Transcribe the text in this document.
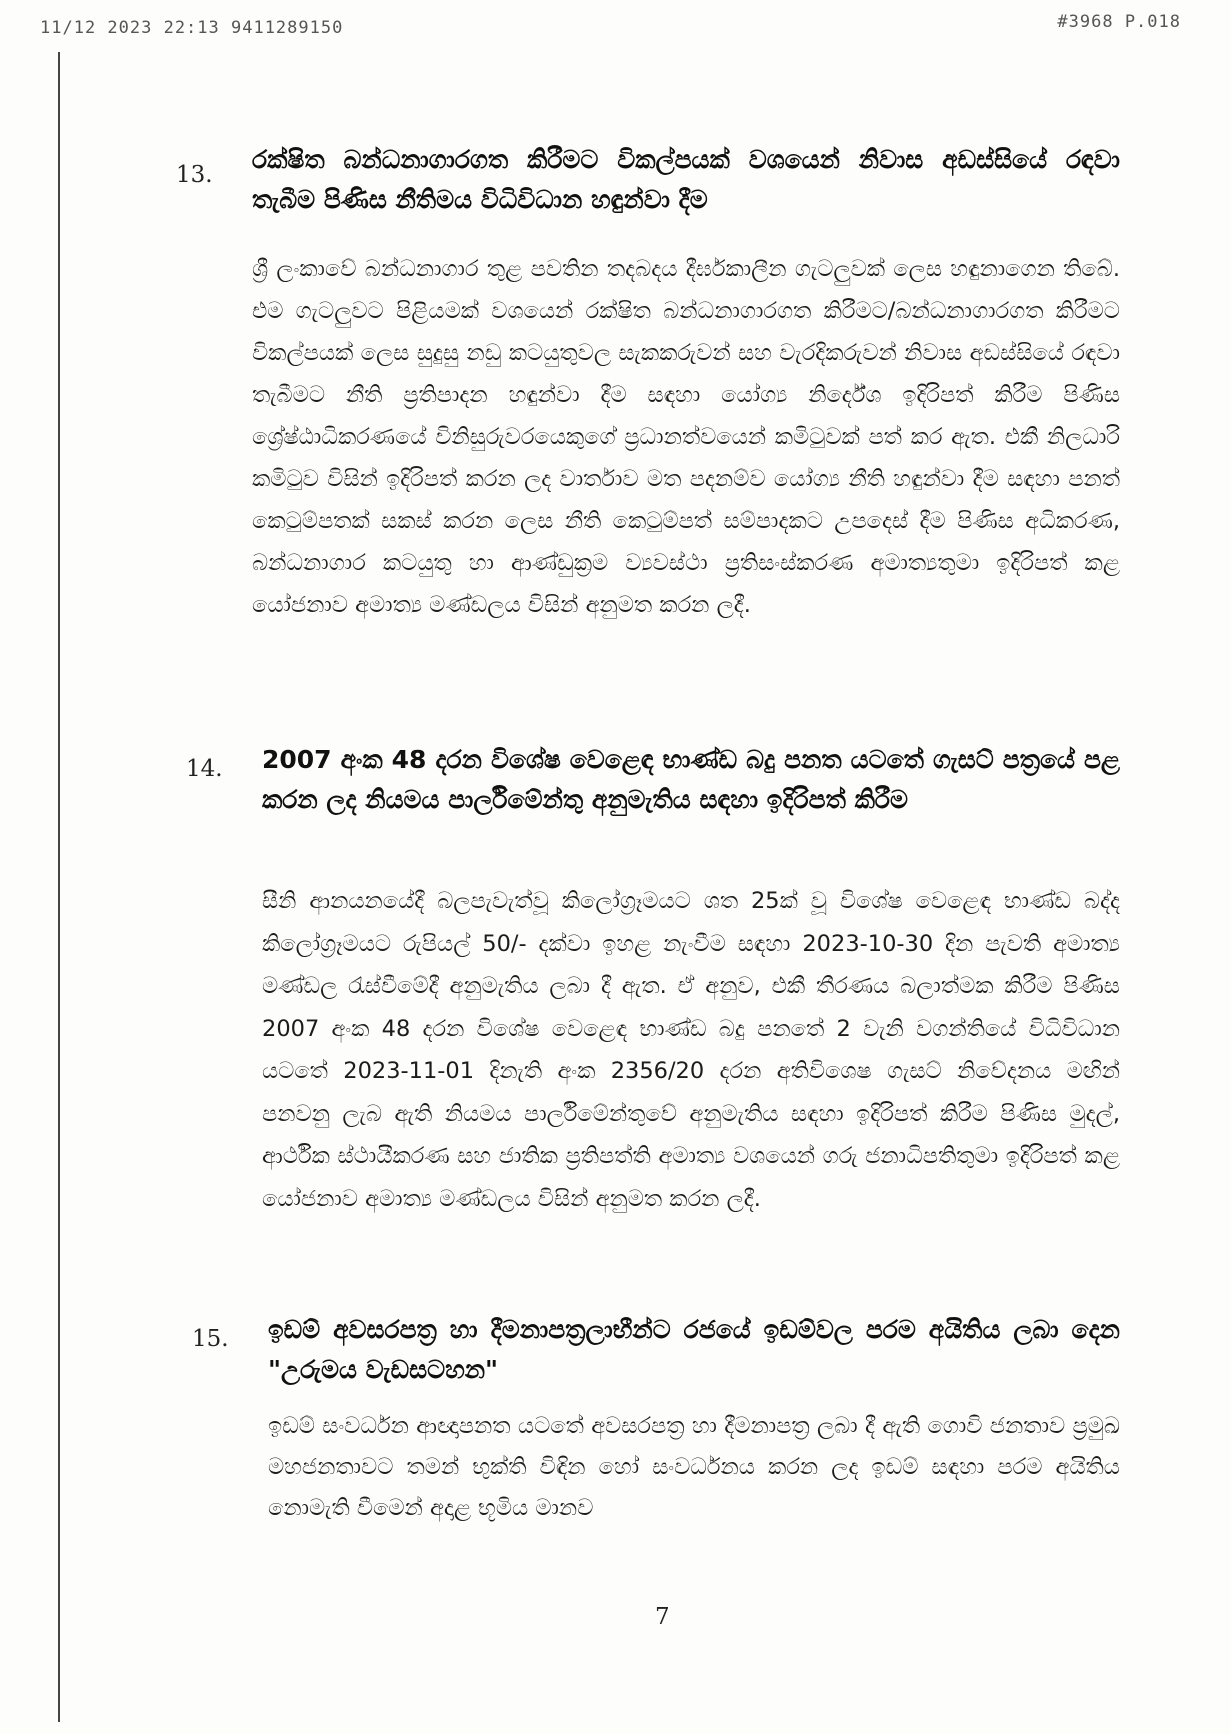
11/12 2023 22:13 9411289150	#3968 P.018
13.
රක්ෂිත බන්ධනාගාරගත කිරීමට විකල්පයක් වශයෙන් නිවාස අඩස්සියේ රඳවා තැබීම පිණිස නීතිමය විධිවිධාන හඳුන්වා දීම
ශ්‍රී ලංකාවේ බන්ධනාගාර තුළ පවතින තදබදය දීර්ඝකාලීන ගැටලුවක් ලෙස හඳුනාගෙන තිබේ. එම ගැටලුවට පිළියමක් වශයෙන් රක්ෂිත බන්ධනාගාරගත කිරීමට/බන්ධනාගාරගත කිරීමට විකල්පයක් ලෙස සුදුසු නඩු කටයුතුවල සැකකරුවන් සහ වැරදිකරුවන් නිවාස අඩස්සියේ රඳවා තැබීමට නීති ප්‍රතිපාදන හඳුන්වා දීම සඳහා යෝග්‍ය නිර්දේශ ඉදිරිපත් කිරීම පිණිස ශ්‍රේෂ්ඨාධිකරණයේ විනිසුරුවරයෙකුගේ ප්‍රධානත්වයෙන් කමිටුවක් පත් කර ඇත. එකී නිලධාරි කමිටුව විසින් ඉදිරිපත් කරන ලද වාර්තාව මත පදනම්ව යෝග්‍ය නීති හඳුන්වා දීම සඳහා පනත් කෙටුම්පතක් සකස් කරන ලෙස නීති කෙටුම්පත් සම්පාදකට උපදෙස් දීම පිණිස අධිකරණ, බන්ධනාගාර කටයුතු හා ආණ්ඩුක්‍රම ව්‍යවස්ථා ප්‍රතිසංස්කරණ අමාත්‍යතුමා ඉදිරිපත් කළ යෝජනාව අමාත්‍ය මණ්ඩලය විසින් අනුමත කරන ලදී.
14. 2007 අංක 48 දරන විශේෂ වෙළෙඳ භාණ්ඩ බදු පනත යටතේ ගැසට් පත්‍රයේ පළ කරන ලද නියමය පාර්ලිමේන්තු අනුමැතිය සඳහා ඉදිරිපත් කිරීම
සීනි ආනයනයේදී බලපැවැත්වූ කිලෝග්‍රෑමයට ශත 25ක් වූ විශේෂ වෙළෙඳ භාණ්ඩ බද්ද කිලෝග්‍රෑමයට රුපියල් 50/- දක්වා ඉහළ නැංවීම සඳහා 2023-10-30 දින පැවති අමාත්‍ය මණ්ඩල රැස්වීමේදී අනුමැතිය ලබා දී ඇත. ඒ අනුව, එකී තීරණය බලාත්මක කිරීම පිණිස 2007 අංක 48 දරන විශේෂ වෙළෙඳ භාණ්ඩ බදු පනතේ 2 වැනි වගන්තියේ විධිවිධාන යටතේ 2023-11-01 දිනැති අංක 2356/20 දරන අතිවිශෙෂ ගැසට් නිවේදනය මඟින් පනවනු ලැබ ඇති නියමය පාර්ලිමේන්තුවේ අනුමැතිය සඳහා ඉදිරිපත් කිරීම පිණිස මුදල්, ආර්ථික ස්ථායීකරණ සහ ජාතික ප්‍රතිපත්ති අමාත්‍ය වශයෙන් ගරු ජනාධිපතිතුමා ඉදිරිපත් කළ යෝජනාව අමාත්‍ය මණ්ඩලය විසින් අනුමත කරන ලදී.
15. ඉඩම් අවසරපත්‍ර හා දීමනාපත්‍රලාභීන්ට රජයේ ඉඩම්වල පරම අයිතිය ලබා දෙන "උරුමය වැඩසටහන"
ඉඩම් සංවර්ධන ආඥාපනත යටතේ අවසරපත්‍ර හා දීමනාපත්‍ර ලබා දී ඇති ගොවි ජනතාව ප්‍රමුඛ මහජනතාවට තමන් භුක්ති විඳින හෝ සංවර්ධනය කරන ලද ඉඩම් සඳහා පරම අයිතිය නොමැති වීමෙන් අදාළ භූමිය මානව
7
